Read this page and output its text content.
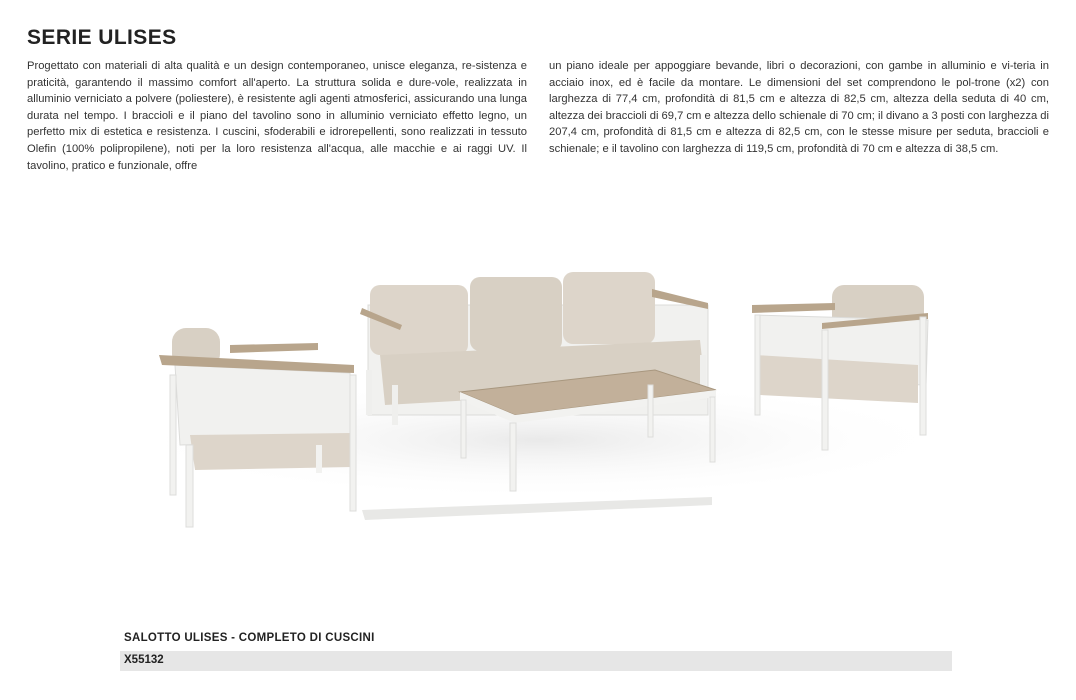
SERIE ULISES

Progettato con materiali di alta qualità e un design contemporaneo, unisce eleganza, re-sistenza e praticità, garantendo il massimo comfort all'aperto. La struttura solida e dure-vole, realizzata in alluminio verniciato a polvere (poliestere), è resistente agli agenti atmosferici, assicurando una lunga durata nel tempo. I braccioli e il piano del tavolino sono in alluminio verniciato effetto legno, un perfetto mix di estetica e resistenza. I cuscini, sfoderabili e idrorepellenti, sono realizzati in tessuto Olefin (100% polipropilene), noti per la loro resistenza all'acqua, alle macchie e ai raggi UV. Il tavolino, pratico e funzionale, offre

un piano ideale per appoggiare bevande, libri o decorazioni, con gambe in alluminio e vi-teria in acciaio inox, ed è facile da montare. Le dimensioni del set comprendono le pol-trone (x2) con larghezza di 77,4 cm, profondità di 81,5 cm e altezza di 82,5 cm, altezza della seduta di 40 cm, altezza dei braccioli di 69,7 cm e altezza dello schienale di 70 cm; il divano a 3 posti con larghezza di 207,4 cm, profondità di 81,5 cm e altezza di 82,5 cm, con le stesse misure per seduta, braccioli e schienale; e il tavolino con larghezza di 119,5 cm, profondità di 70 cm e altezza di 38,5 cm.

SALOTTO ULISES - COMPLETO DI CUSCINI
X55132
